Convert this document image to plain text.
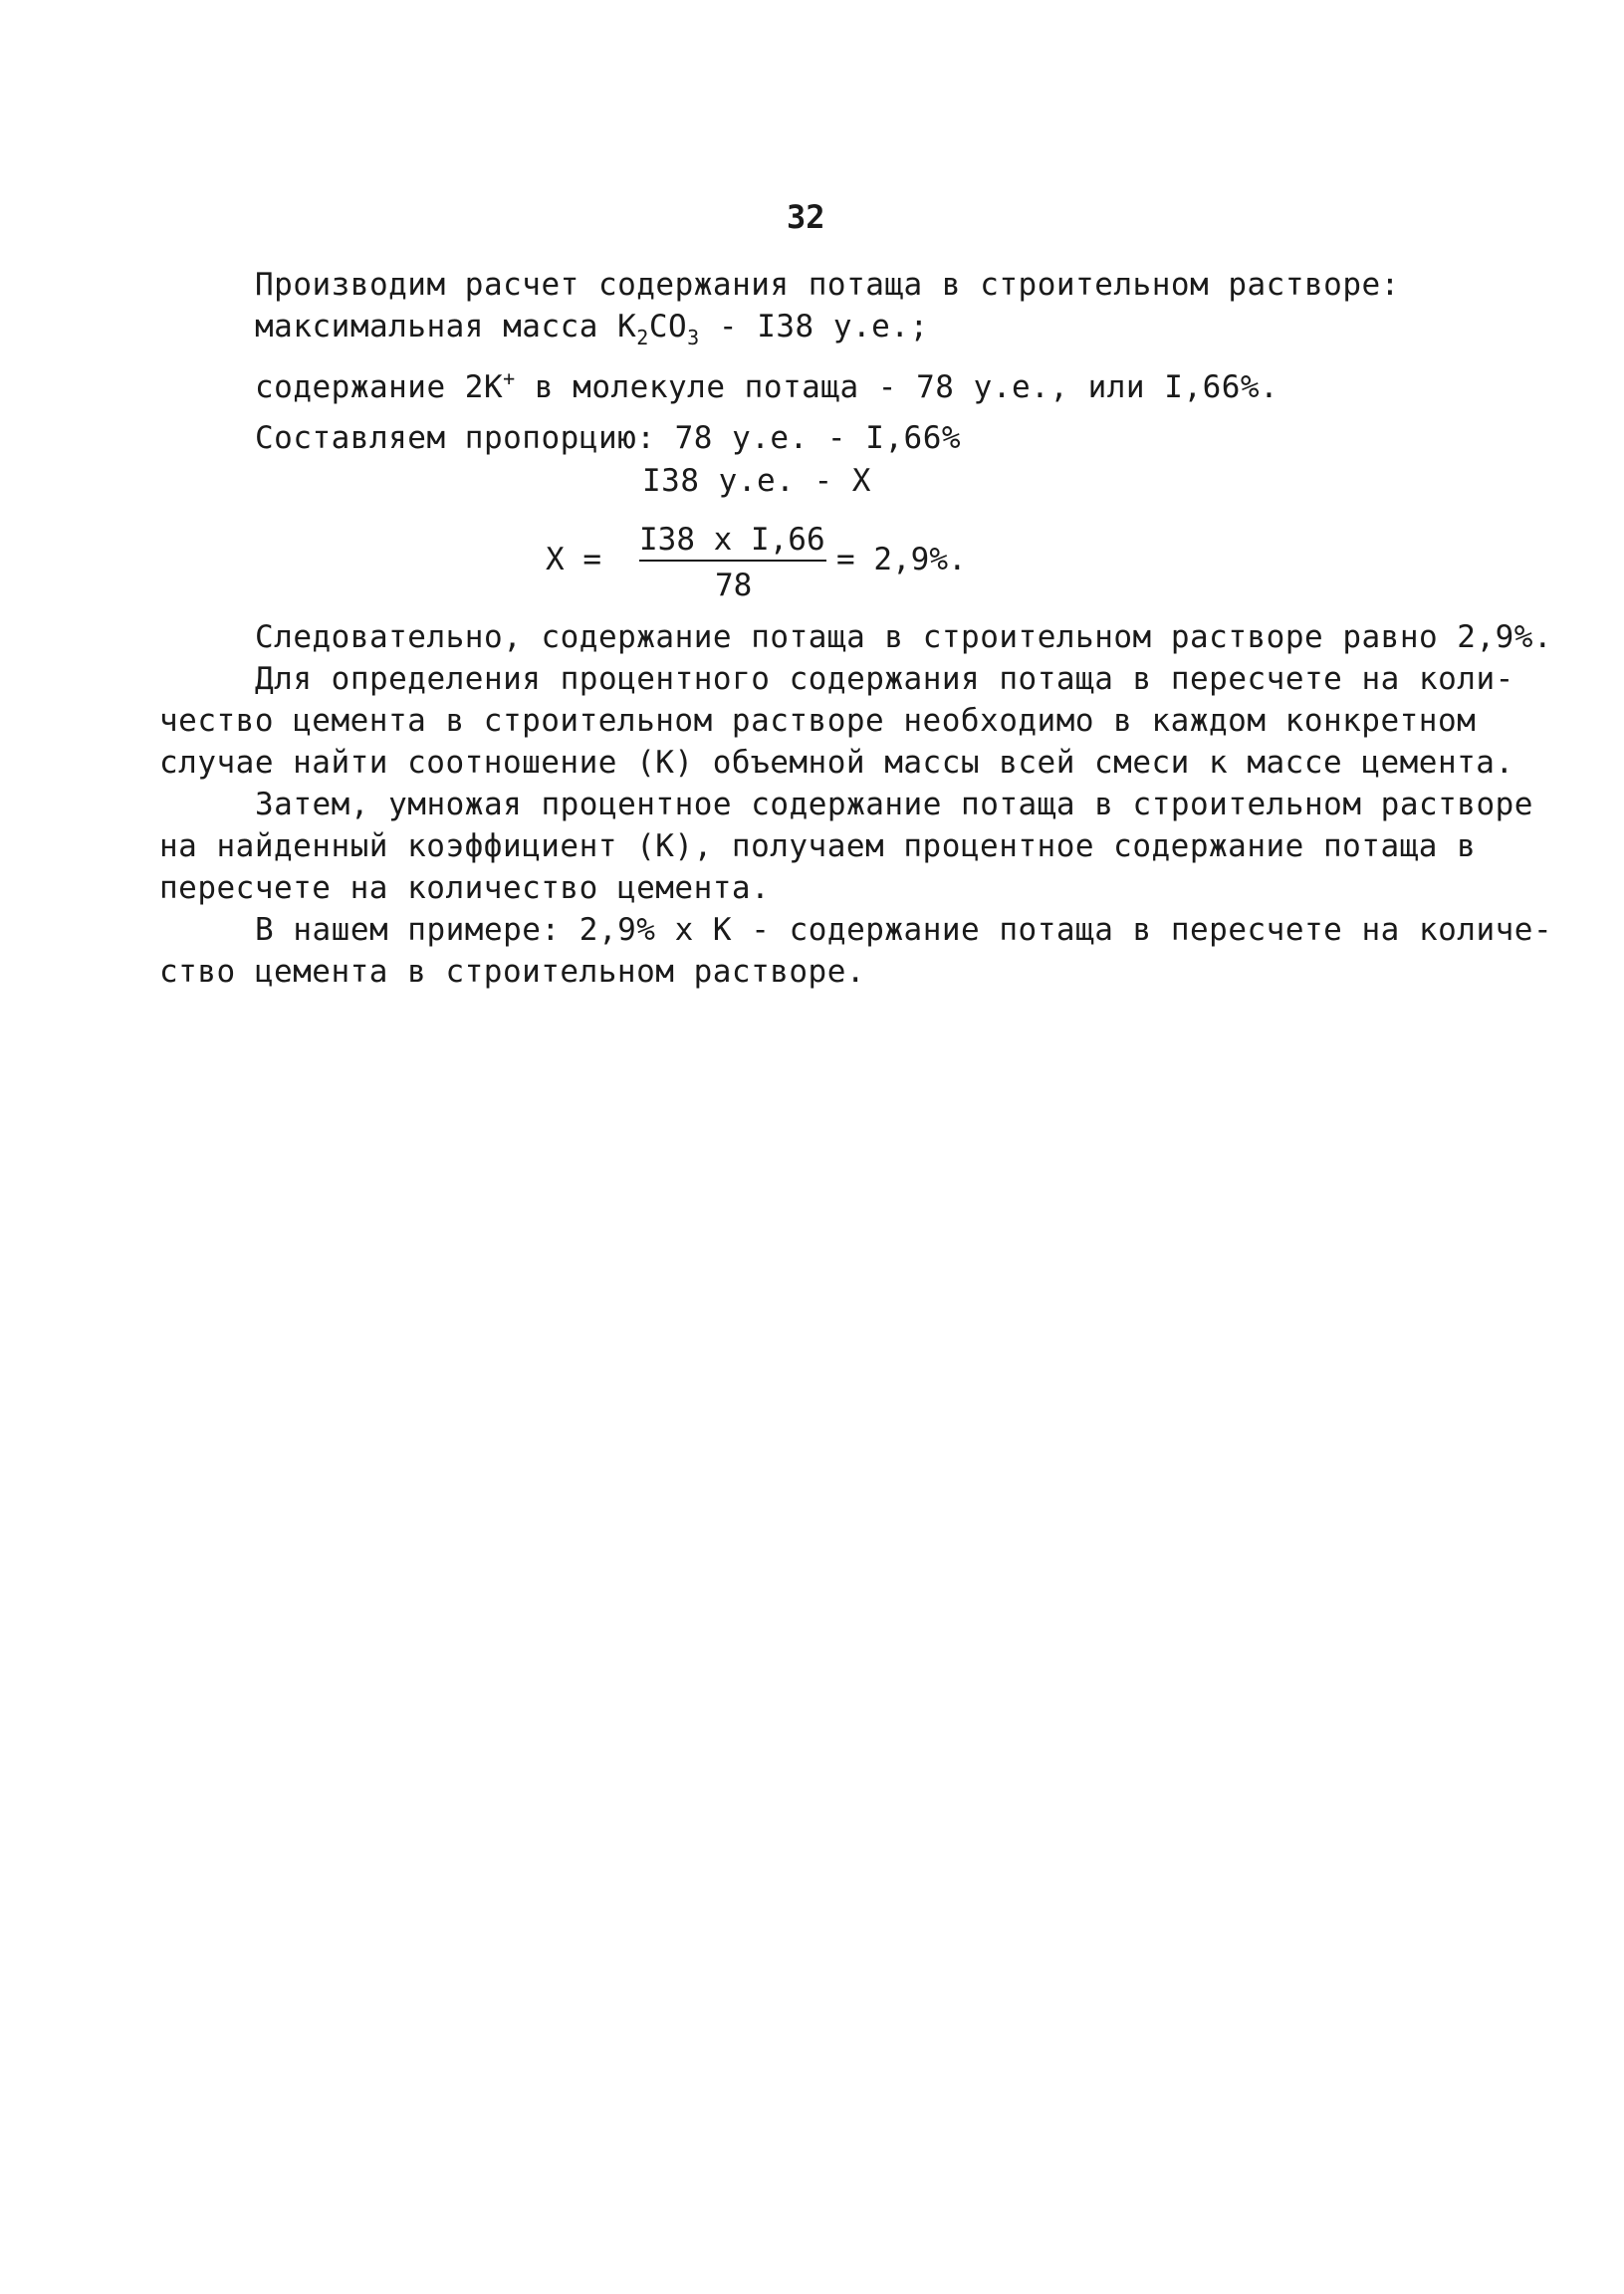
32
Производим расчет содержания потаща в строительном растворе:
максимальная масса $K_2CO_3 - I38$ у.е.;
содержание 2K+ в молекуле потаща - 78 у.е., или I,66%.
Составляем пропорцию: 78 у.е. - I,66%
I38 у.е. - X
X =
I38 x I,66
78
= 2,9%.
Следовательно, содержание потаща в строительном растворе равно 2,9%.
Для определения процентного содержания потаща в пересчете на коли-
чество цемента в строительном растворе необходимо в каждом конкретном
случае найти соотношение (K) объемной массы всей смеси к массе цемента.
Затем, умножая процентное содержание потаща в строительном растворе
на найденный коэффициент (K), получаем процентное содержание потаща в
пересчете на количество цемента.
В нашем примере: 2,9% x K - содержание потаща в пересчете на количе-
ство цемента в строительном растворе.
